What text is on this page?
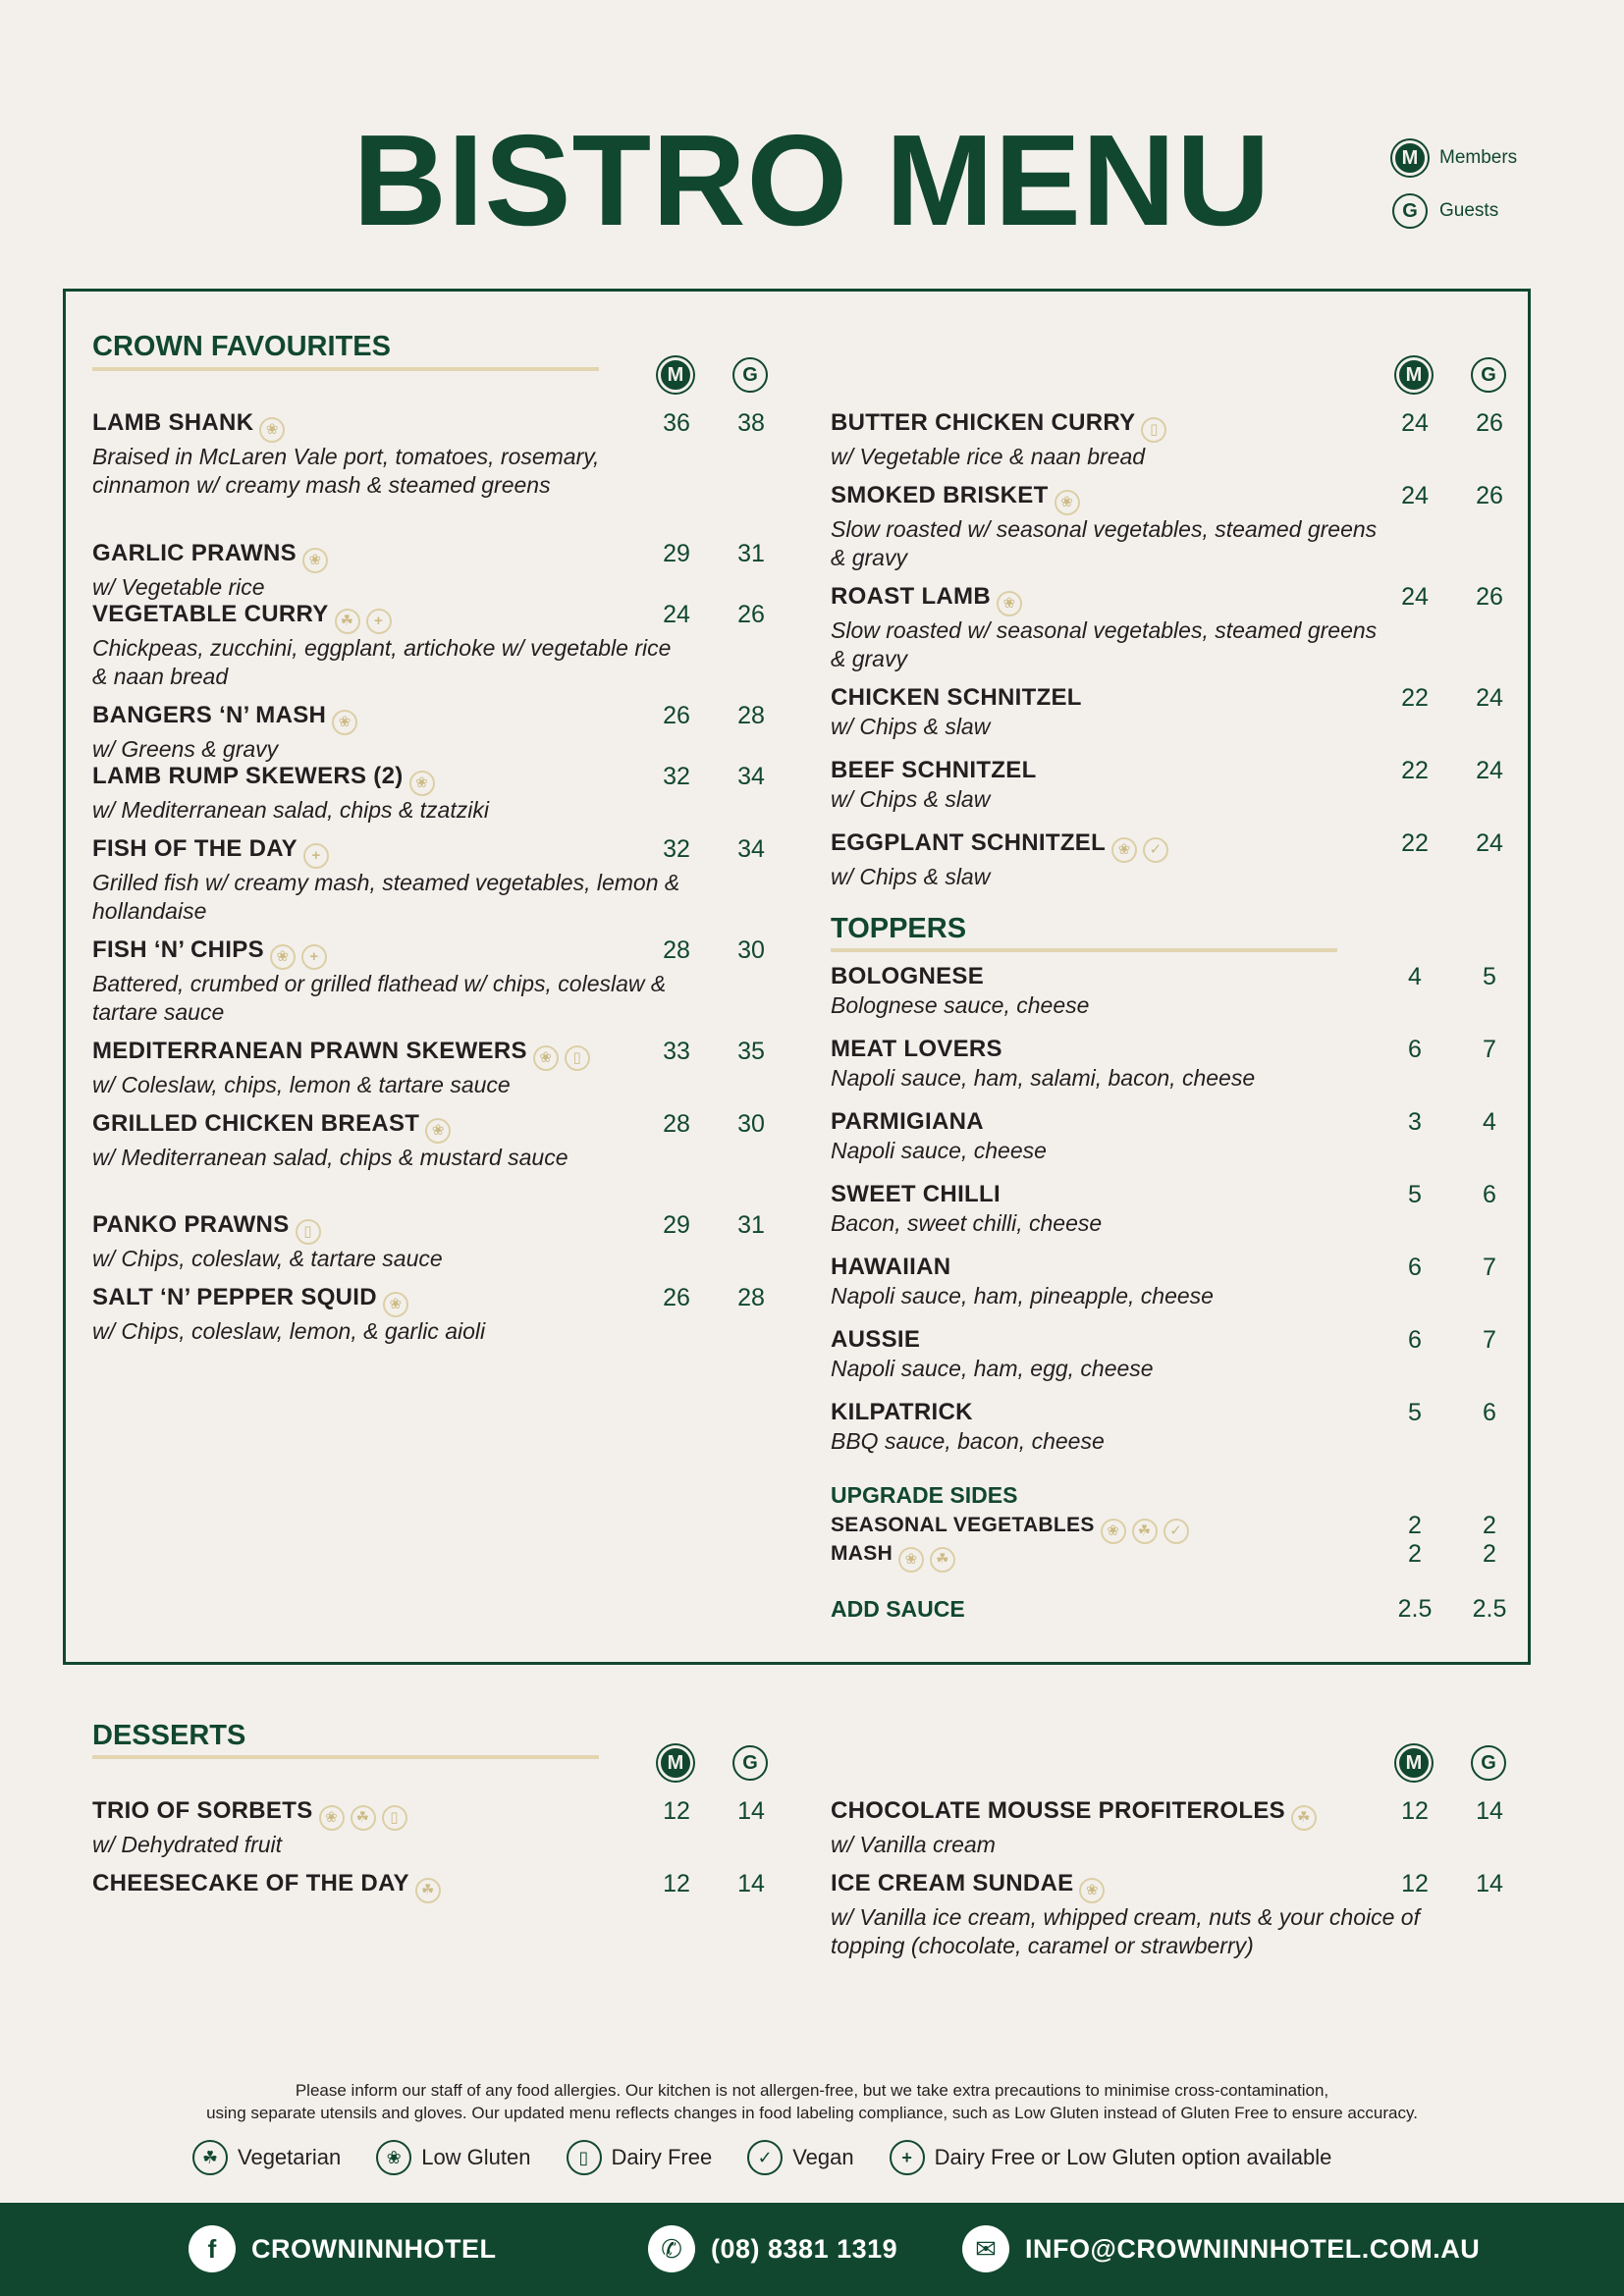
BISTRO MENU	M	Members
G	Guests
CROWN FAVOURITES
M	G	M	G
LAMB SHANK ❀
Braised in McLaren Vale port, tomatoes, rosemary, cinnamon w/ creamy mash & steamed greens
36	38
GARLIC PRAWNS ❀
w/ Vegetable rice
29	31
VEGETABLE CURRY ☘ +
Chickpeas, zucchini, eggplant, artichoke w/ vegetable rice & naan bread
24	26
BANGERS ‘N’ MASH ❀
w/ Greens & gravy
26	28
LAMB RUMP SKEWERS (2) ❀
w/ Mediterranean salad, chips & tzatziki
32	34
FISH OF THE DAY +
Grilled fish w/ creamy mash, steamed vegetables, lemon & hollandaise
32	34
FISH ‘N’ CHIPS ❀ +
Battered, crumbed or grilled flathead w/ chips, coleslaw & tartare sauce
28	30
MEDITERRANEAN PRAWN SKEWERS ❀ ▯
w/ Coleslaw, chips, lemon & tartare sauce
33	35
GRILLED CHICKEN BREAST ❀
w/ Mediterranean salad, chips & mustard sauce
28	30
PANKO PRAWNS ▯
w/ Chips, coleslaw, & tartare sauce
29	31
SALT ‘N’ PEPPER SQUID ❀
w/ Chips, coleslaw, lemon, & garlic aioli
26	28
BUTTER CHICKEN CURRY ▯
w/ Vegetable rice & naan bread
24	26
SMOKED BRISKET ❀
Slow roasted w/ seasonal vegetables, steamed greens & gravy
24	26
ROAST LAMB ❀
Slow roasted w/ seasonal vegetables, steamed greens & gravy
24	26
CHICKEN SCHNITZEL
w/ Chips & slaw
22	24
BEEF SCHNITZEL
w/ Chips & slaw
22	24
EGGPLANT SCHNITZEL ❀ ✓
w/ Chips & slaw
22	24
TOPPERS
BOLOGNESE
Bolognese sauce, cheese
4	5
MEAT LOVERS
Napoli sauce, ham, salami, bacon, cheese
6	7
PARMIGIANA
Napoli sauce, cheese
3	4
SWEET CHILLI
Bacon, sweet chilli, cheese
5	6
HAWAIIAN
Napoli sauce, ham, pineapple, cheese
6	7
AUSSIE
Napoli sauce, ham, egg, cheese
6	7
KILPATRICK
BBQ sauce, bacon, cheese
5	6
UPGRADE SIDES
SEASONAL VEGETABLES ❀ ☘ ✓	2	2
MASH ❀ ☘	2	2
ADD SAUCE	2.5	2.5
DESSERTS
M	G	M	G
TRIO OF SORBETS ❀ ☘ ▯
w/ Dehydrated fruit
12	14
CHEESECAKE OF THE DAY ☘	12	14
CHOCOLATE MOUSSE PROFITEROLES ☘
w/ Vanilla cream
12	14
ICE CREAM SUNDAE ❀
w/ Vanilla ice cream, whipped cream, nuts & your choice of topping (chocolate, caramel or strawberry)
12	14
Please inform our staff of any food allergies. Our kitchen is not allergen-free, but we take extra precautions to minimise cross-contamination,
using separate utensils and gloves. Our updated menu reflects changes in food labeling compliance, such as Low Gluten instead of Gluten Free to ensure accuracy.
☘ Vegetarian	❀ Low Gluten	▯	Dairy Free	✓ Vegan	+	Dairy Free or Low Gluten option available
f	CROWNINNHOTEL	✆	(08) 8381 1319	✉	INFO@CROWNINNHOTEL.COM.AU
